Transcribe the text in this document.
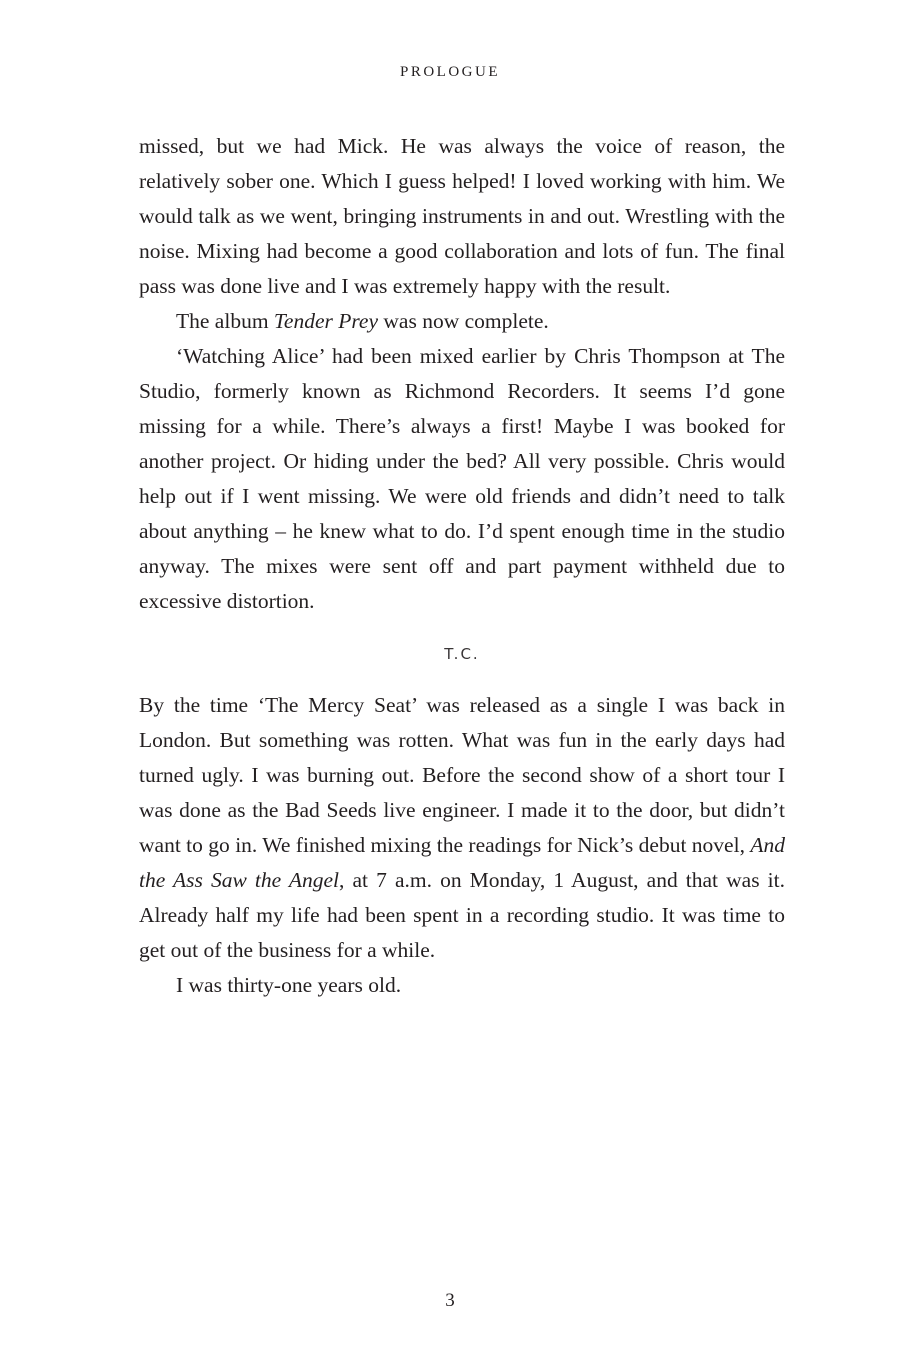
PROLOGUE

missed, but we had Mick. He was always the voice of reason, the relatively sober one. Which I guess helped! I loved working with him. We would talk as we went, bringing instruments in and out. Wrestling with the noise. Mixing had become a good collaboration and lots of fun. The final pass was done live and I was extremely happy with the result.

The album Tender Prey was now complete.

‘Watching Alice’ had been mixed earlier by Chris Thompson at The Studio, formerly known as Richmond Recorders. It seems I’d gone missing for a while. There’s always a first! Maybe I was booked for another project. Or hiding under the bed? All very possible. Chris would help out if I went missing. We were old friends and didn’t need to talk about anything – he knew what to do. I’d spent enough time in the studio anyway. The mixes were sent off and part payment withheld due to excessive distortion.

T.C.

By the time ‘The Mercy Seat’ was released as a single I was back in London. But something was rotten. What was fun in the early days had turned ugly. I was burning out. Before the second show of a short tour I was done as the Bad Seeds live engineer. I made it to the door, but didn’t want to go in. We finished mixing the readings for Nick’s debut novel, And the Ass Saw the Angel, at 7 a.m. on Monday, 1 August, and that was it. Already half my life had been spent in a recording studio. It was time to get out of the business for a while.

I was thirty-one years old.

3
